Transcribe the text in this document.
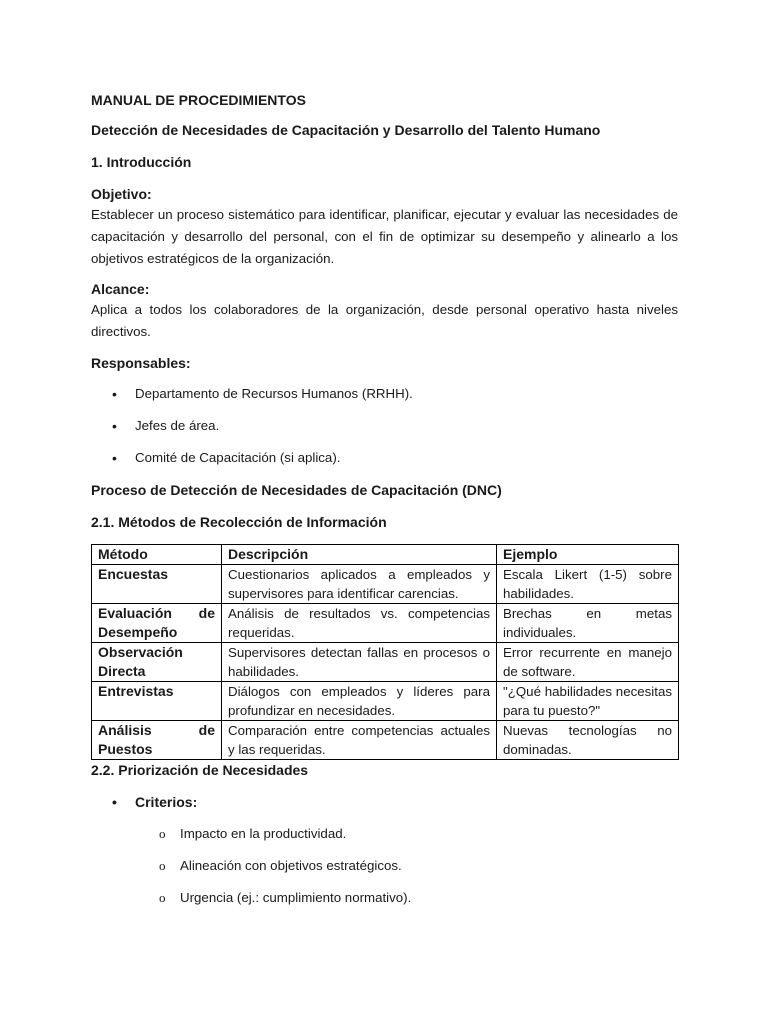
MANUAL DE PROCEDIMIENTOS

Detección de Necesidades de Capacitación y Desarrollo del Talento Humano

1. Introducción

Objetivo:

Establecer un proceso sistemático para identificar, planificar, ejecutar y evaluar las necesidades de capacitación y desarrollo del personal, con el fin de optimizar su desempeño y alinearlo a los objetivos estratégicos de la organización.

Alcance:

Aplica a todos los colaboradores de la organización, desde personal operativo hasta niveles directivos.

Responsables:

• Departamento de Recursos Humanos (RRHH).
• Jefes de área.
• Comité de Capacitación (si aplica).

Proceso de Detección de Necesidades de Capacitación (DNC)

2.1. Métodos de Recolección de Información

Método	Descripción	Ejemplo
Encuestas	Cuestionarios aplicados a empleados y supervisores para identificar carencias.	Escala Likert (1-5) sobre habilidades.
Evaluación de Desempeño	Análisis de resultados vs. competencias requeridas.	Brechas en metas individuales.
Observación Directa	Supervisores detectan fallas en procesos o habilidades.	Error recurrente en manejo de software.
Entrevistas	Diálogos con empleados y líderes para profundizar en necesidades.	"¿Qué habilidades necesitas para tu puesto?"
Análisis de Puestos	Comparación entre competencias actuales y las requeridas.	Nuevas tecnologías no dominadas.

2.2. Priorización de Necesidades

• Criterios:
o Impacto en la productividad.
o Alineación con objetivos estratégicos.
o Urgencia (ej.: cumplimiento normativo).
